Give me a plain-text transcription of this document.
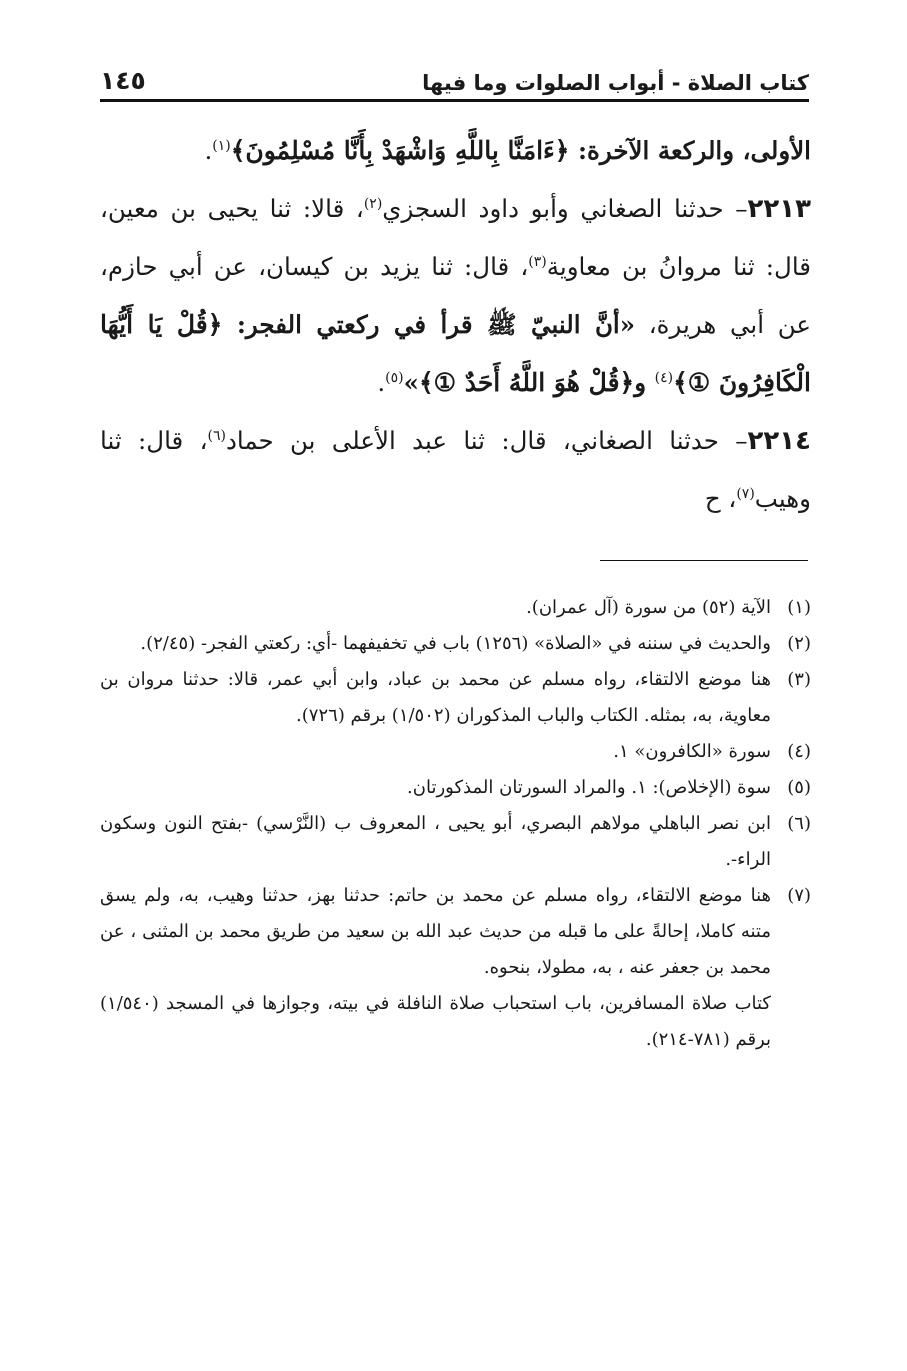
كتاب الصلاة - أبواب الصلوات وما فيها
١٤٥

الأولى، والركعة الآخرة: ﴿ءَامَنَّا بِاللَّهِ وَاشْهَدْ بِأَنَّا مُسْلِمُونَ﴾$^{(١)}$.

٢٢١٣– حدثنا الصغاني وأبو داود السجزي$^{(٢)}$، قالا: ثنا يحيى بن معين، قال: ثنا مروانُ بن معاوية$^{(٣)}$، قال: ثنا يزيد بن كيسان، عن أبي حازم، عن أبي هريرة، «أنَّ النبيّ ﷺ قرأ في ركعتي الفجر: ﴿قُلْ يَا أَيُّهَا الْكَافِرُونَ ①﴾$^{(٤)}$ و﴿قُلْ هُوَ اللَّهُ أَحَدٌ ①﴾»$^{(٥)}$.

٢٢١٤– حدثنا الصغاني، قال: ثنا عبد الأعلى بن حماد$^{(٦)}$، قال: ثنا وهيب$^{(٧)}$، ح

(١)الآية (٥٢) من سورة (آل عمران).

(٢)والحديث في سننه في «الصلاة» (١٢٥٦) باب في تخفيفهما -أي: ركعتي الفجر- (٢/٤٥).

(٣)هنا موضع الالتقاء، رواه مسلم عن محمد بن عباد، وابن أبي عمر، قالا: حدثنا مروان بن معاوية، به، بمثله. الكتاب والباب المذكوران (١/٥٠٢) برقم (٧٢٦).

(٤)سورة «الكافرون» ١.

(٥)سوة (الإخلاص): ١. والمراد السورتان المذكورتان.

(٦)ابن نصر الباهلي مولاهم البصري، أبو يحيى ، المعروف ب (النَّرْسي) -بفتح النون وسكون الراء-.

(٧)هنا موضع الالتقاء، رواه مسلم عن محمد بن حاتم: حدثنا بهز، حدثنا وهيب، به، ولم يسق متنه كاملا، إحالةً على ما قبله من حديث عبد الله بن سعيد من طريق محمد بن المثنى ، عن محمد بن جعفر عنه ، به، مطولا، بنحوه.

كتاب صلاة المسافرين، باب استحباب صلاة النافلة في بيته، وجوازها في المسجد (١/٥٤٠) برقم (٧٨١-٢١٤).
